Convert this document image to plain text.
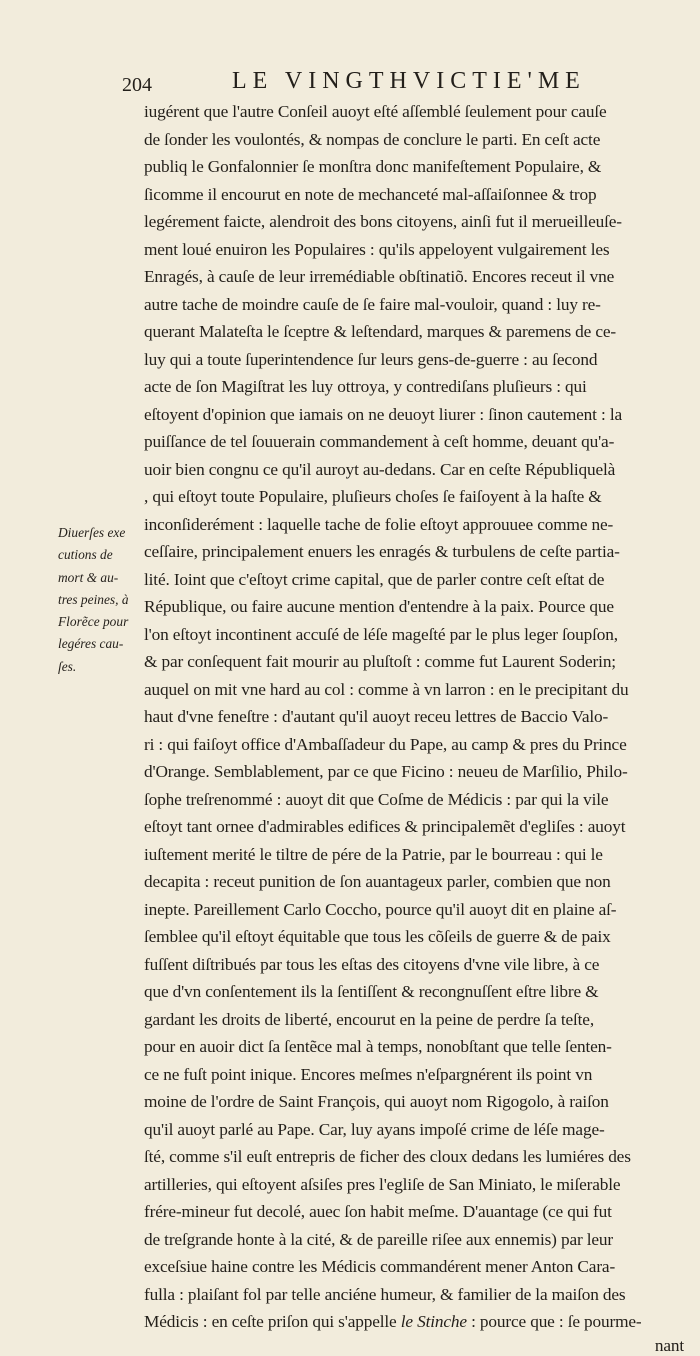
204	LE VINGTHVICTIE'ME
Diuerſes exe
cutions de
mort & au-
tres peines, à
Florẽce pour
legéres cau-
ſes.
iugérent que l'autre Conſeil auoyt eſté aſſemblé ſeulement pour cauſe
de ſonder les voulontés, & nompas de conclure le parti. En ceſt acte
publiq le Gonfalonnier ſe monſtra donc manifeſtement Populaire, &
ſicomme il encourut en note de mechanceté mal-aſſaiſonnee & trop
legérement faicte, alendroit des bons citoyens, ainſi fut il merueilleuſe-
ment loué enuiron les Populaires : qu'ils appeloyent vulgairement les
Enragés, à cauſe de leur irremédiable obſtinatiõ. Encores receut il vne
autre tache de moindre cauſe de ſe faire mal-vouloir, quand : luy re-
querant Malateſta le ſceptre & leſtendard, marques & paremens de ce-
luy qui a toute ſuperintendence ſur leurs gens-de-guerre : au ſecond
acte de ſon Magiſtrat les luy ottroya, y contrediſans pluſieurs : qui
eſtoyent d'opinion que iamais on ne deuoyt liurer : ſinon cautement : la
puiſſance de tel ſouuerain commandement à ceſt homme, deuant qu'a-
uoir bien congnu ce qu'il auroyt au-dedans. Car en ceſte Républiquelà
, qui eſtoyt toute Populaire, pluſieurs choſes ſe faiſoyent à la haſte &
inconſiderément : laquelle tache de folie eſtoyt approuuee comme ne-
ceſſaire, principalement enuers les enragés & turbulens de ceſte partia-
lité. Ioint que c'eſtoyt crime capital, que de parler contre ceſt eſtat de
République, ou faire aucune mention d'entendre à la paix. Pource que
l'on eſtoyt incontinent accuſé de léſe mageſté par le plus leger ſoupſon,
& par conſequent fait mourir au pluſtoſt : comme fut Laurent Soderin;
auquel on mit vne hard au col : comme à vn larron : en le precipitant du
haut d'vne feneſtre : d'autant qu'il auoyt receu lettres de Baccio Valo-
ri : qui faiſoyt office d'Ambaſſadeur du Pape, au camp & pres du Prince
d'Orange. Semblablement, par ce que Ficino : neueu de Marſilio, Philo-
ſophe treſrenommé : auoyt dit que Coſme de Médicis : par qui la vile
eſtoyt tant ornee d'admirables edifices & principalemẽt d'egliſes : auoyt
iuſtement merité le tiltre de pére de la Patrie, par le bourreau : qui le
decapita : receut punition de ſon auantageux parler, combien que non
inepte. Pareillement Carlo Coccho, pource qu'il auoyt dit en plaine aſ-
ſemblee qu'il eſtoyt équitable que tous les cõſeils de guerre & de paix
fuſſent diſtribués par tous les eſtas des citoyens d'vne vile libre, à ce
que d'vn conſentement ils la ſentiſſent & recongnuſſent eſtre libre &
gardant les droits de liberté, encourut en la peine de perdre ſa teſte,
pour en auoir dict ſa ſentẽce mal à temps, nonobſtant que telle ſenten-
ce ne fuſt point inique. Encores meſmes n'eſpargnérent ils point vn
moine de l'ordre de Saint François, qui auoyt nom Rigogolo, à raiſon
qu'il auoyt parlé au Pape. Car, luy ayans impoſé crime de léſe mage-
ſté, comme s'il euſt entrepris de ficher des cloux dedans les lumiéres des
artilleries, qui eſtoyent aſsiſes pres l'egliſe de San Miniato, le miſerable
frére-mineur fut decolé, auec ſon habit meſme. D'auantage (ce qui fut
de treſgrande honte à la cité, & de pareille riſee aux ennemis) par leur
exceſsiue haine contre les Médicis commandérent mener Anton Cara-
fulla : plaiſant fol par telle anciéne humeur, & familier de la maiſon des
Médicis : en ceſte priſon qui s'appelle le Stinche : pource que : ſe pourme-
nant
